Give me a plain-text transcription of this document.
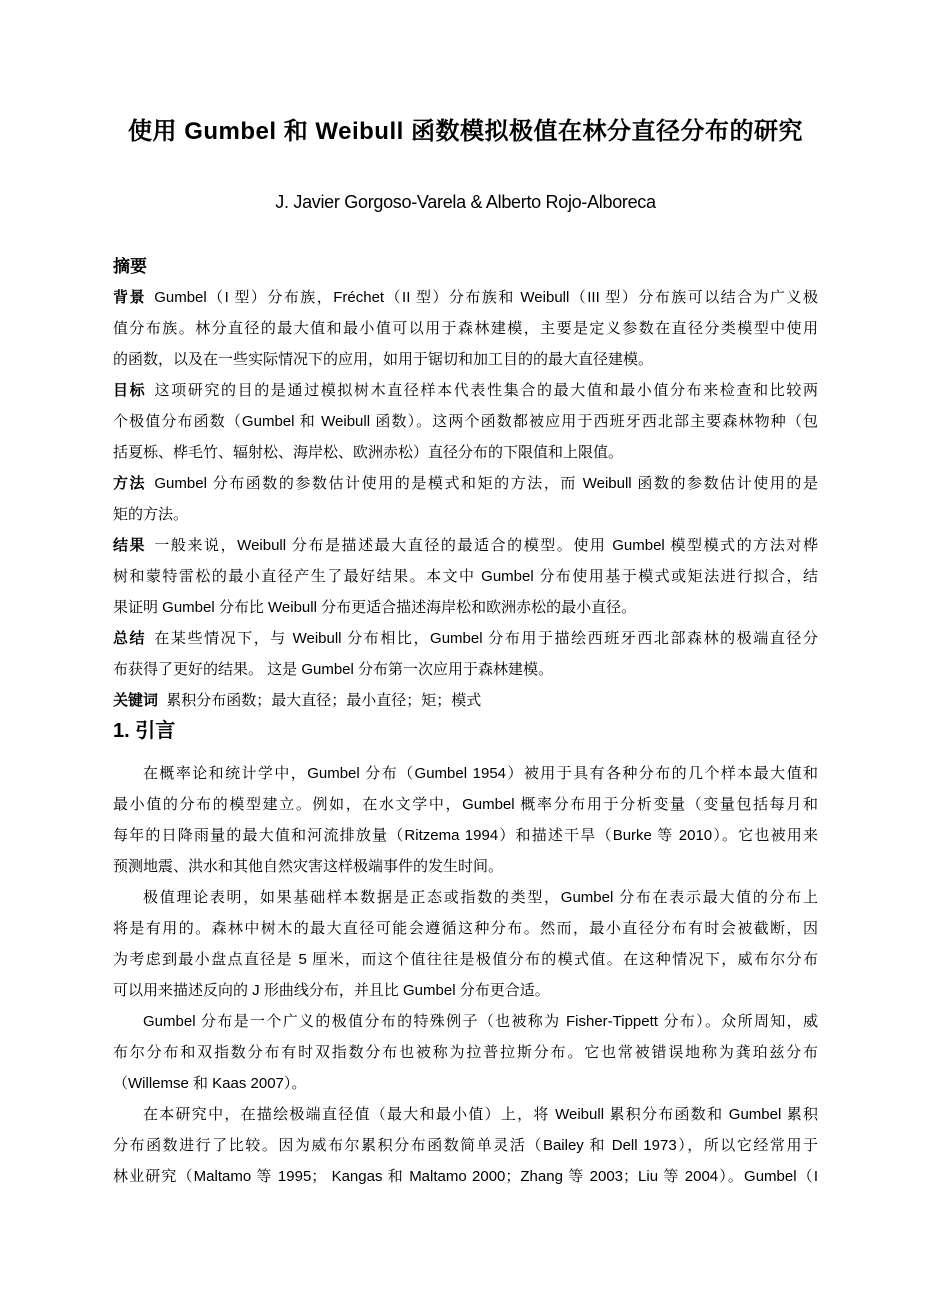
使用 Gumbel 和 Weibull 函数模拟极值在林分直径分布的研究
J. Javier Gorgoso-Varela & Alberto Rojo-Alboreca
摘要
背景 Gumbel（I 型）分布族，Fréchet（II 型）分布族和 Weibull（III 型）分布族可以结合为广义极
值分布族。林分直径的最大值和最小值可以用于森林建模，主要是定义参数在直径分类模型中使用
的函数，以及在一些实际情况下的应用，如用于锯切和加工目的的最大直径建模。
目标 这项研究的目的是通过模拟树木直径样本代表性集合的最大值和最小值分布来检查和比较两
个极值分布函数（Gumbel 和 Weibull 函数）。这两个函数都被应用于西班牙西北部主要森林物种（包
括夏栎、桦毛竹、辐射松、海岸松、欧洲赤松）直径分布的下限值和上限值。
方法 Gumbel 分布函数的参数估计使用的是模式和矩的方法，而 Weibull 函数的参数估计使用的是
矩的方法。
结果 一般来说，Weibull 分布是描述最大直径的最适合的模型。使用 Gumbel 模型模式的方法对桦
树和蒙特雷松的最小直径产生了最好结果。本文中 Gumbel 分布使用基于模式或矩法进行拟合，结
果证明 Gumbel 分布比 Weibull 分布更适合描述海岸松和欧洲赤松的最小直径。
总结 在某些情况下，与 Weibull 分布相比，Gumbel 分布用于描绘西班牙西北部森林的极端直径分
布获得了更好的结果。 这是 Gumbel 分布第一次应用于森林建模。
关键词 累积分布函数；最大直径；最小直径；矩；模式
1. 引言
在概率论和统计学中，Gumbel 分布（Gumbel 1954）被用于具有各种分布的几个样本最大值和
最小值的分布的模型建立。例如，在水文学中，Gumbel 概率分布用于分析变量（变量包括每月和
每年的日降雨量的最大值和河流排放量（Ritzema 1994）和描述干旱（Burke 等 2010）。它也被用来
预测地震、洪水和其他自然灾害这样极端事件的发生时间。
极值理论表明，如果基础样本数据是正态或指数的类型，Gumbel 分布在表示最大值的分布上
将是有用的。森林中树木的最大直径可能会遵循这种分布。然而，最小直径分布有时会被截断，因
为考虑到最小盘点直径是 5 厘米，而这个值往往是极值分布的模式值。在这种情况下，威布尔分布
可以用来描述反向的 J 形曲线分布，并且比 Gumbel 分布更合适。
Gumbel 分布是一个广义的极值分布的特殊例子（也被称为 Fisher-Tippett 分布）。众所周知，威
布尔分布和双指数分布有时双指数分布也被称为拉普拉斯分布。它也常被错误地称为龚珀兹分布
（Willemse 和 Kaas 2007）。
在本研究中，在描绘极端直径值（最大和最小值）上，将 Weibull 累积分布函数和 Gumbel 累积
分布函数进行了比较。因为威布尔累积分布函数简单灵活（Bailey 和 Dell 1973），所以它经常用于
林业研究（Maltamo 等 1995； Kangas 和 Maltamo 2000；Zhang 等 2003；Liu 等 2004）。Gumbel（I
